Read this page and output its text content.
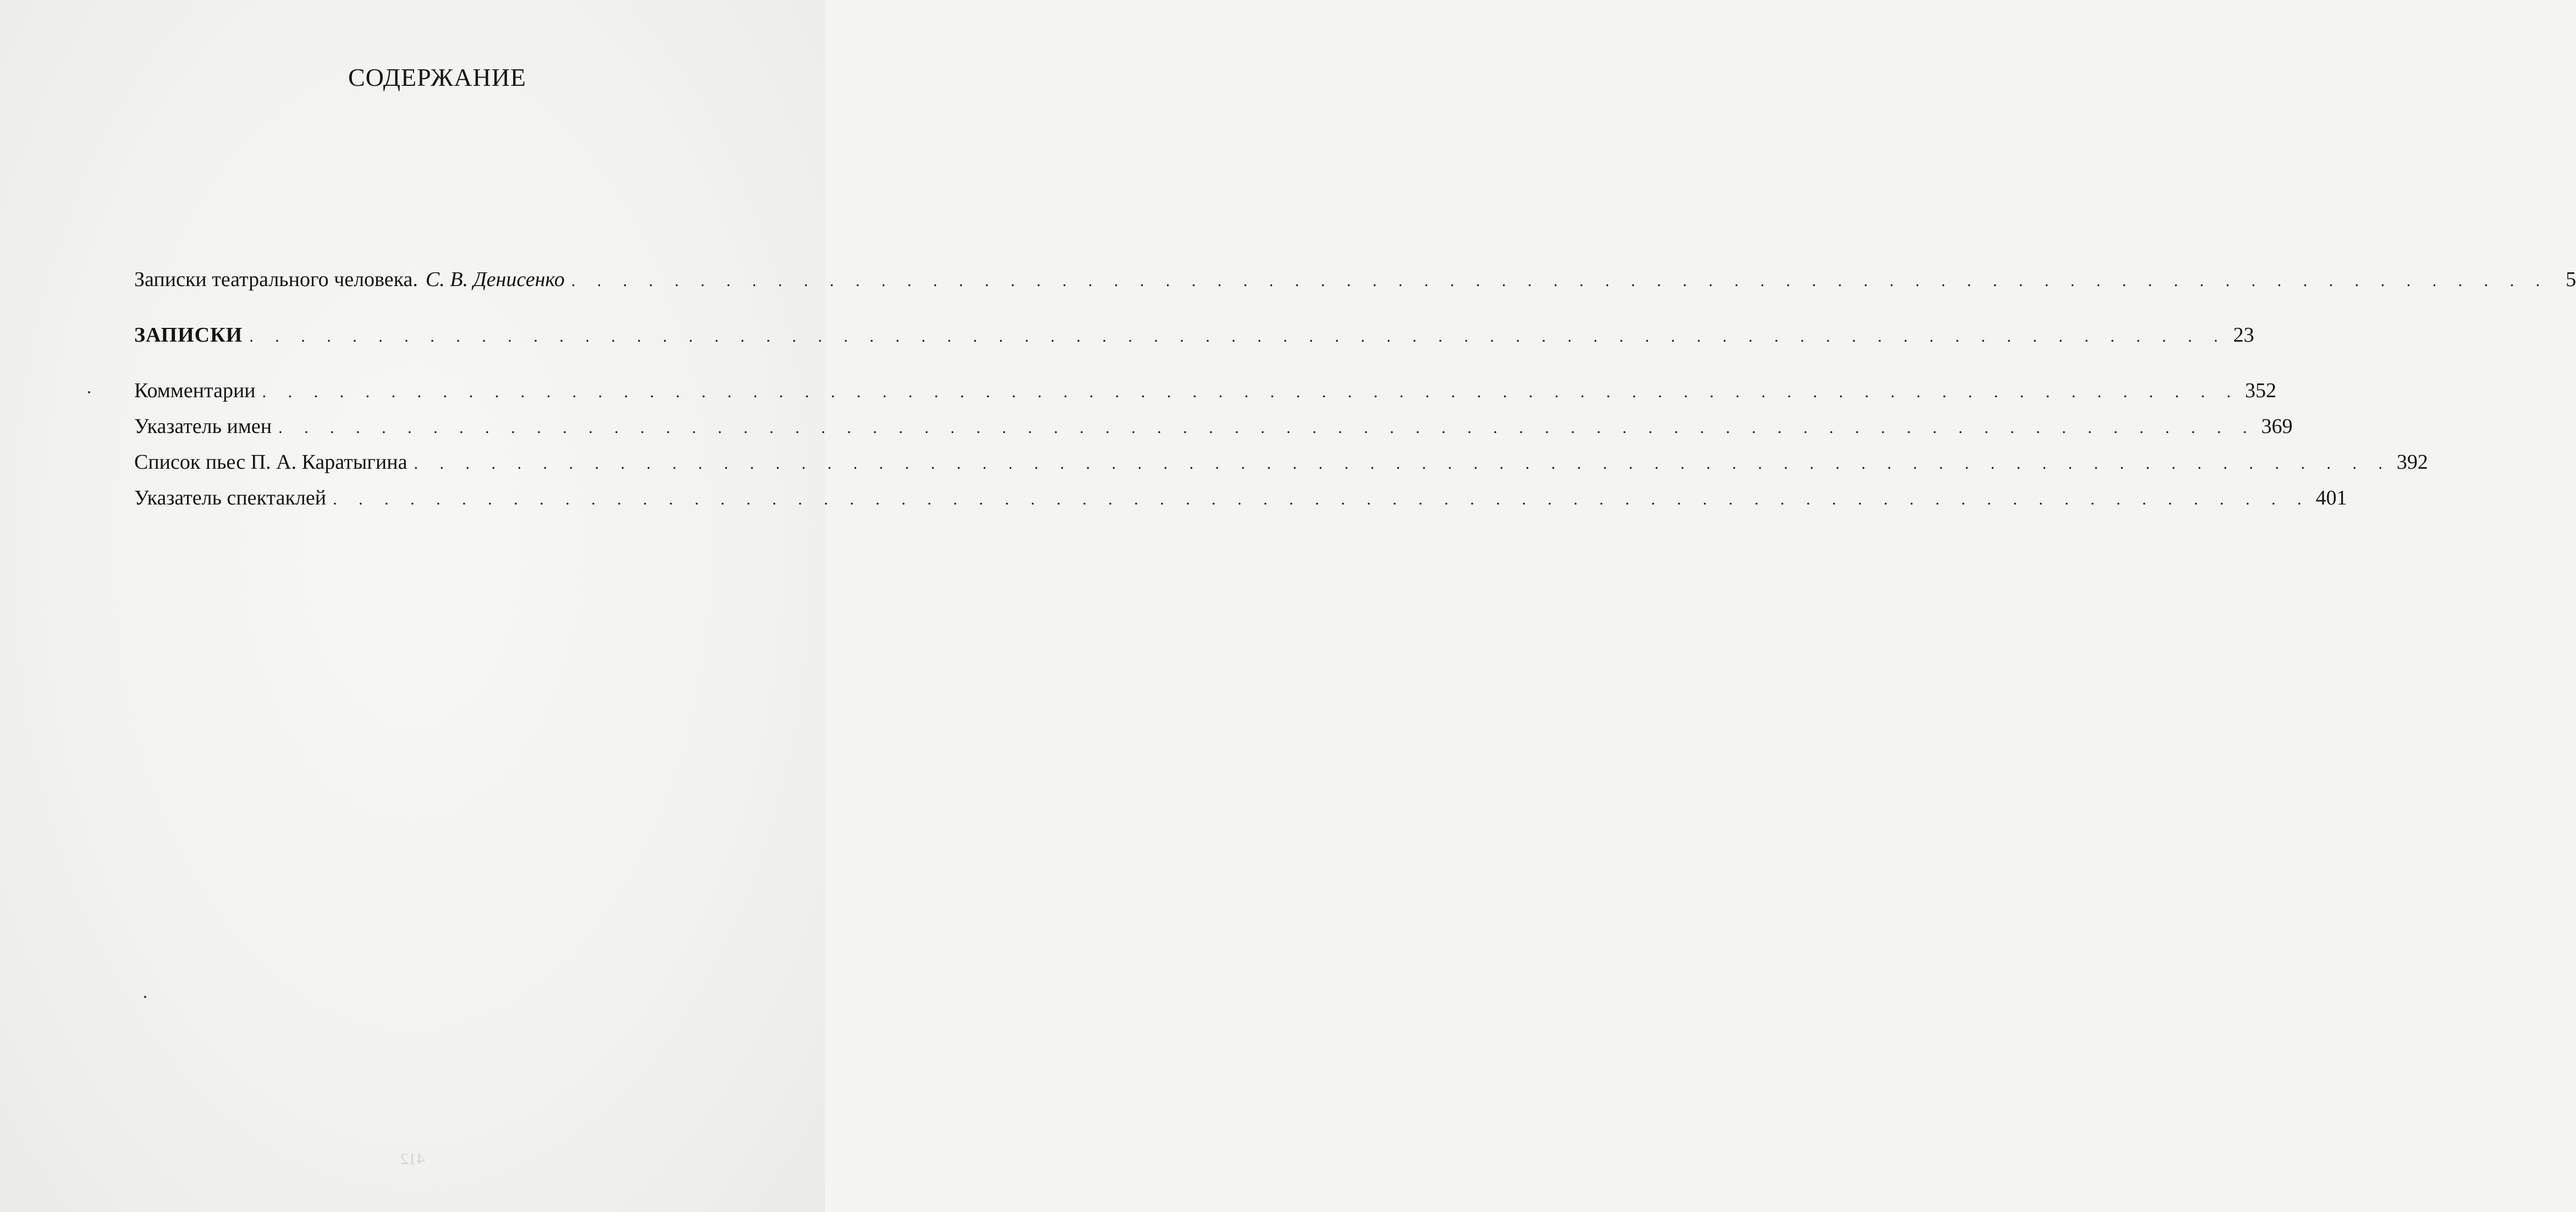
СОДЕРЖАНИЕ
Записки театрального человека. С. В. Денисенко . . . . . . . . . . . . . . . . . . . . . . . . . . . . . . . . . . . . . . . . . . . . . . . . . . . . . . . . . . . . . . . . . . . . . . . . . . . . . 5
ЗАПИСКИ . . . . . . . . . . . . . . . . . . . . . . . . . . . . . . . . . . . . . . . . . . . . . . . . . . . . . . . . . . . . . . . . . . . . . . . . . . . . . 23
Комментарии . . . . . . . . . . . . . . . . . . . . . . . . . . . . . . . . . . . . . . . . . . . . . . . . . . . . . . . . . . . . . . . . . . . . . . . . . . . . . 352
Указатель имен . . . . . . . . . . . . . . . . . . . . . . . . . . . . . . . . . . . . . . . . . . . . . . . . . . . . . . . . . . . . . . . . . . . . . . . . . . . . . 369
Список пьес П. А. Каратыгина . . . . . . . . . . . . . . . . . . . . . . . . . . . . . . . . . . . . . . . . . . . . . . . . . . . . . . . . . . . . . . . . . . . . . . . . . . . . . 392
Указатель спектаклей . . . . . . . . . . . . . . . . . . . . . . . . . . . . . . . . . . . . . . . . . . . . . . . . . . . . . . . . . . . . . . . . . . . . . . . . . . . . . 401
412
